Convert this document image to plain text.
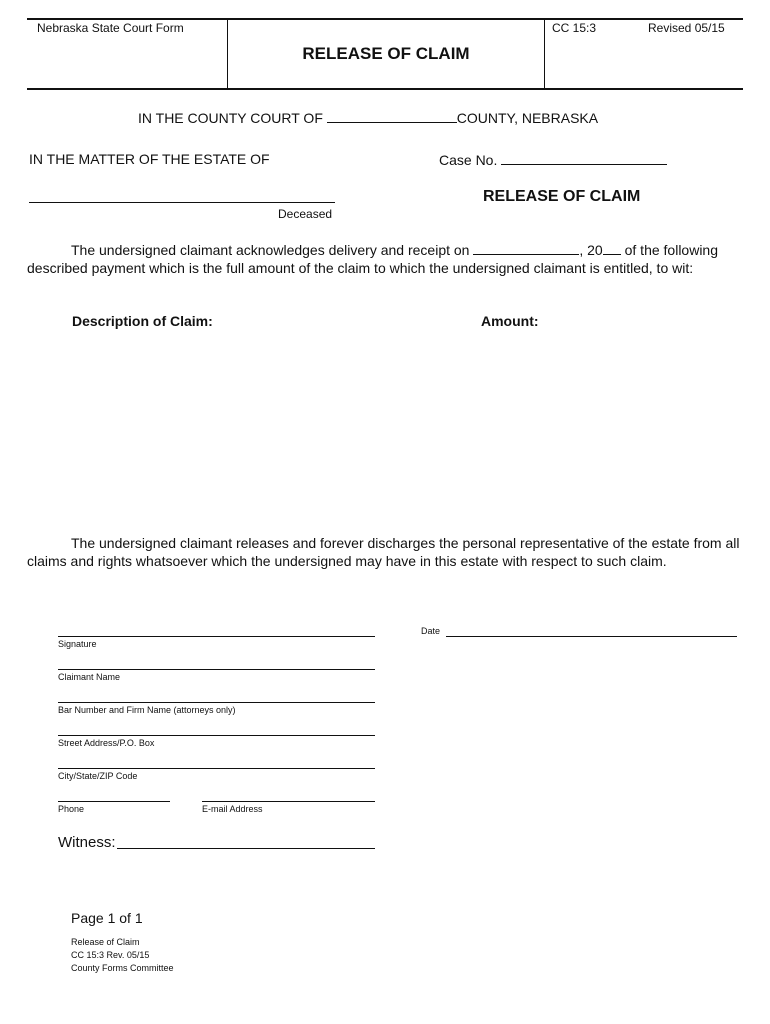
Nebraska State Court Form
RELEASE OF CLAIM
CC 15:3	Revised 05/15
IN THE COUNTY COURT OF	COUNTY, NEBRASKA
IN THE MATTER OF THE ESTATE OF	Case No.
Deceased
RELEASE OF CLAIM
The undersigned claimant acknowledges delivery and receipt on	, 20 of the following described payment which is the full amount of the claim to which the undersigned claimant is entitled, to wit:
Description of Claim:	Amount:
The undersigned claimant releases and forever discharges the personal representative of the estate from all claims and rights whatsoever which the undersigned may have in this estate with respect to such claim.
Signature
Date
Claimant Name
Bar Number and Firm Name (attorneys only)
Street Address/P.O. Box
City/State/ZIP Code
Phone	E-mail Address
Witness:
Page 1 of 1
Release of Claim
CC 15:3 Rev. 05/15
County Forms Committee
